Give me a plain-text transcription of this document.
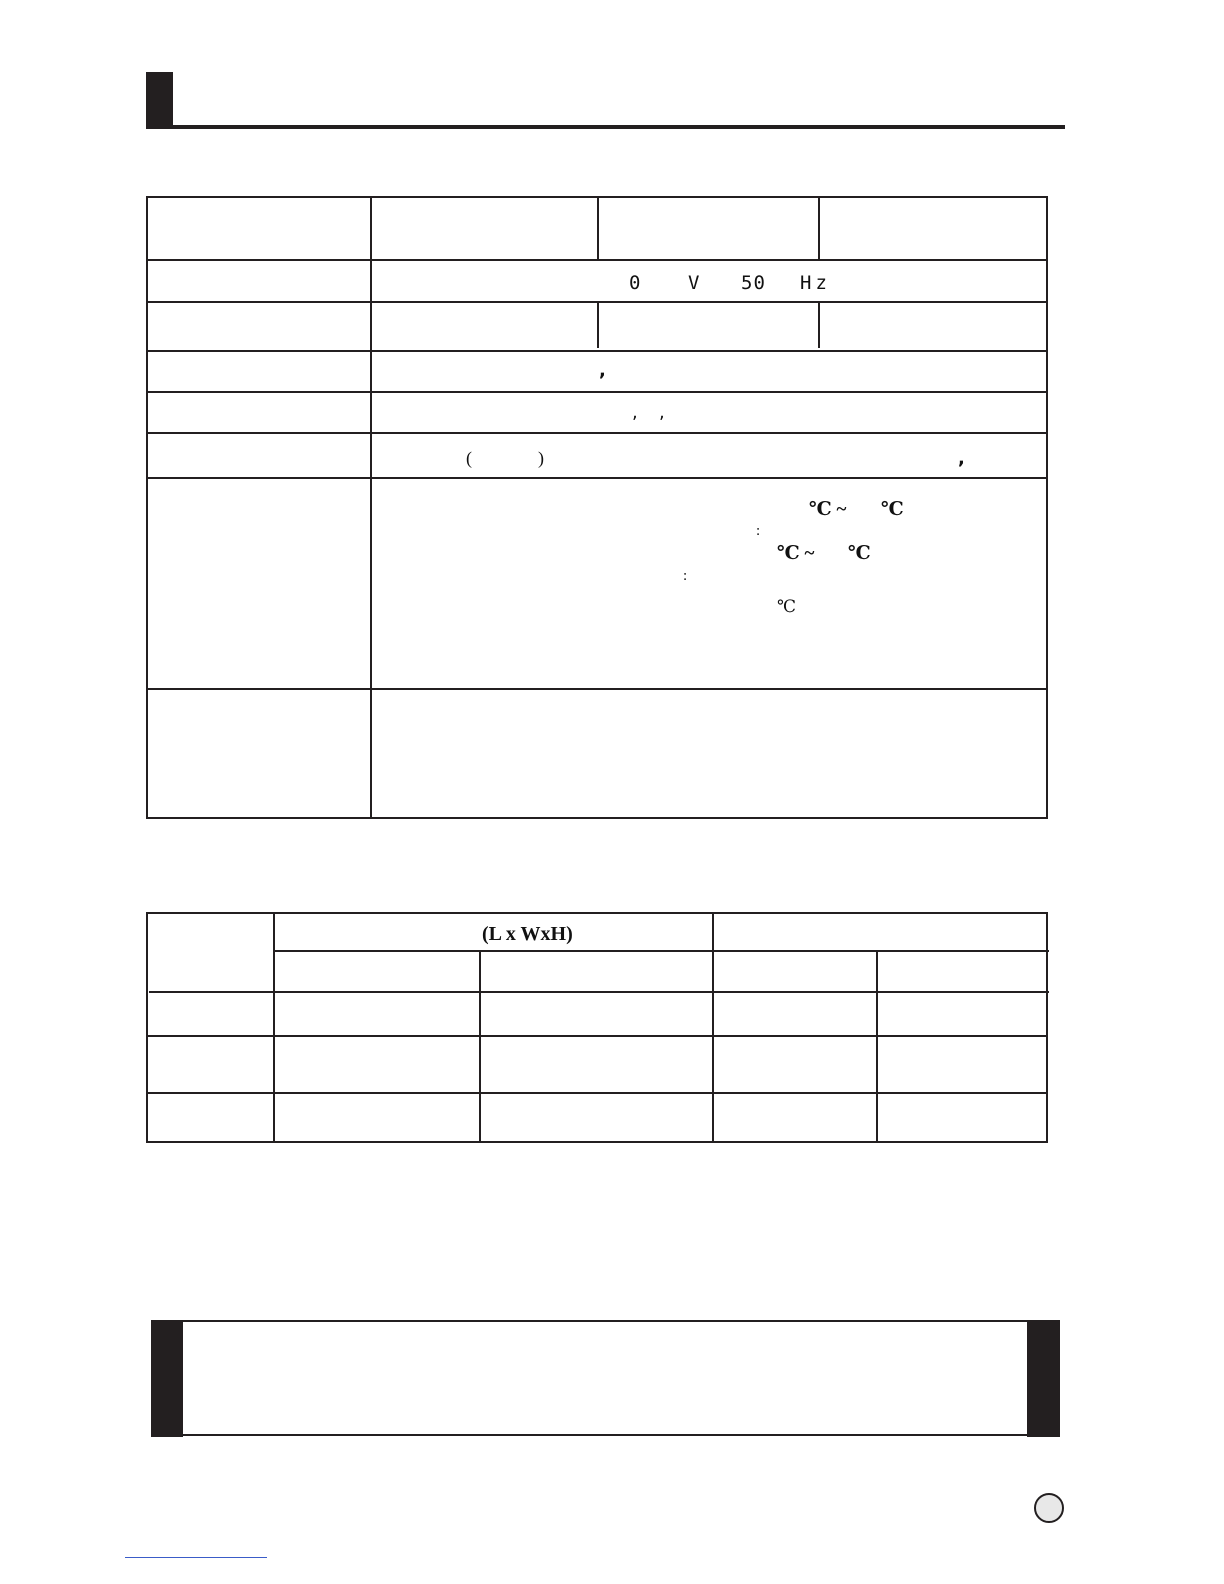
0 V 50 Hz
,
, ,
(	)	,
℃ ~ ℃
:
℃ ~ ℃
:
℃
(L x WxH)
